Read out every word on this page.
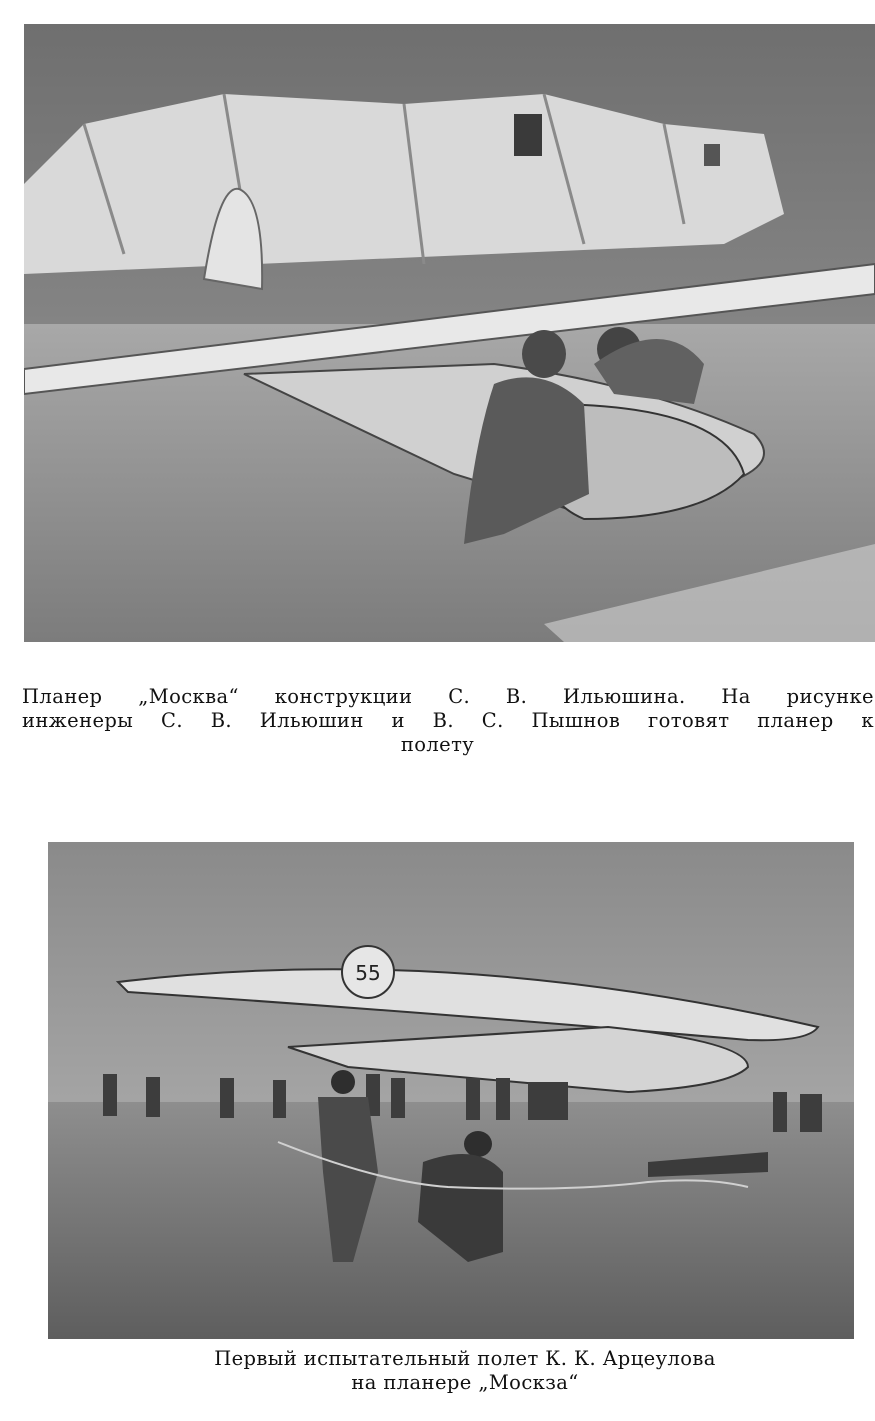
Планер „Москва“ конструкции С. В. Ильюшина. На рисунке
инженеры С. В. Ильюшин и В. С. Пышнов готовят планер к
полету
55
Первый испытательный полет К. К. Арцеулова
на планере „Москза“
